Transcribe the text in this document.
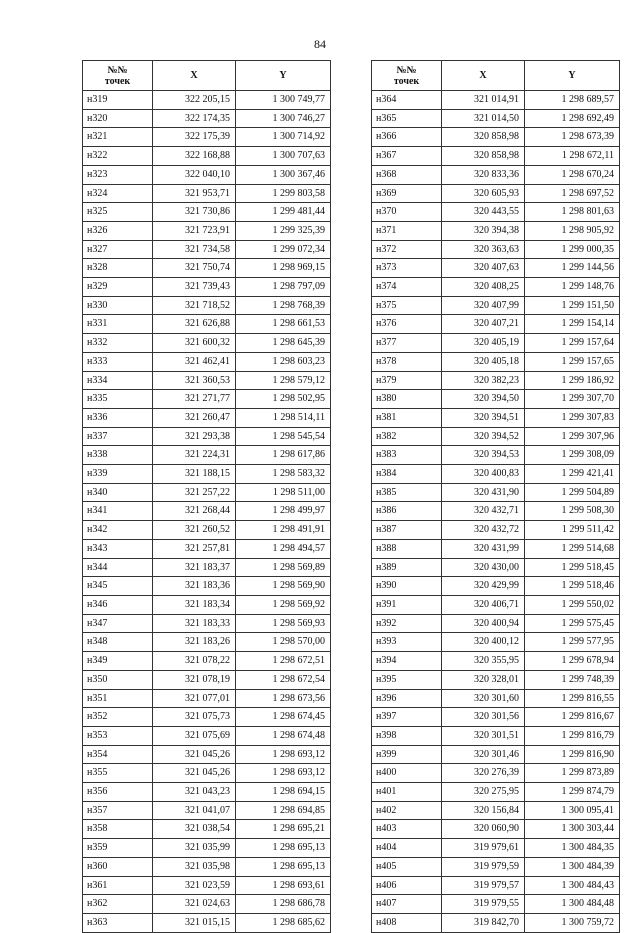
84
№№
точек	X	Y
н319	322 205,15	1 300 749,77
н320	322 174,35	1 300 746,27
н321	322 175,39	1 300 714,92
н322	322 168,88	1 300 707,63
н323	322 040,10	1 300 367,46
н324	321 953,71	1 299 803,58
н325	321 730,86	1 299 481,44
н326	321 723,91	1 299 325,39
н327	321 734,58	1 299 072,34
н328	321 750,74	1 298 969,15
н329	321 739,43	1 298 797,09
н330	321 718,52	1 298 768,39
н331	321 626,88	1 298 661,53
н332	321 600,32	1 298 645,39
н333	321 462,41	1 298 603,23
н334	321 360,53	1 298 579,12
н335	321 271,77	1 298 502,95
н336	321 260,47	1 298 514,11
н337	321 293,38	1 298 545,54
н338	321 224,31	1 298 617,86
н339	321 188,15	1 298 583,32
н340	321 257,22	1 298 511,00
н341	321 268,44	1 298 499,97
н342	321 260,52	1 298 491,91
н343	321 257,81	1 298 494,57
н344	321 183,37	1 298 569,89
н345	321 183,36	1 298 569,90
н346	321 183,34	1 298 569,92
н347	321 183,33	1 298 569,93
н348	321 183,26	1 298 570,00
н349	321 078,22	1 298 672,51
н350	321 078,19	1 298 672,54
н351	321 077,01	1 298 673,56
н352	321 075,73	1 298 674,45
н353	321 075,69	1 298 674,48
н354	321 045,26	1 298 693,12
н355	321 045,26	1 298 693,12
н356	321 043,23	1 298 694,15
н357	321 041,07	1 298 694,85
н358	321 038,54	1 298 695,21
н359	321 035,99	1 298 695,13
н360	321 035,98	1 298 695,13
н361	321 023,59	1 298 693,61
н362	321 024,63	1 298 686,78
н363	321 015,15	1 298 685,62
№№
точек	X	Y
н364	321 014,91	1 298 689,57
н365	321 014,50	1 298 692,49
н366	320 858,98	1 298 673,39
н367	320 858,98	1 298 672,11
н368	320 833,36	1 298 670,24
н369	320 605,93	1 298 697,52
н370	320 443,55	1 298 801,63
н371	320 394,38	1 298 905,92
н372	320 363,63	1 299 000,35
н373	320 407,63	1 299 144,56
н374	320 408,25	1 299 148,76
н375	320 407,99	1 299 151,50
н376	320 407,21	1 299 154,14
н377	320 405,19	1 299 157,64
н378	320 405,18	1 299 157,65
н379	320 382,23	1 299 186,92
н380	320 394,50	1 299 307,70
н381	320 394,51	1 299 307,83
н382	320 394,52	1 299 307,96
н383	320 394,53	1 299 308,09
н384	320 400,83	1 299 421,41
н385	320 431,90	1 299 504,89
н386	320 432,71	1 299 508,30
н387	320 432,72	1 299 511,42
н388	320 431,99	1 299 514,68
н389	320 430,00	1 299 518,45
н390	320 429,99	1 299 518,46
н391	320 406,71	1 299 550,02
н392	320 400,94	1 299 575,45
н393	320 400,12	1 299 577,95
н394	320 355,95	1 299 678,94
н395	320 328,01	1 299 748,39
н396	320 301,60	1 299 816,55
н397	320 301,56	1 299 816,67
н398	320 301,51	1 299 816,79
н399	320 301,46	1 299 816,90
н400	320 276,39	1 299 873,89
н401	320 275,95	1 299 874,79
н402	320 156,84	1 300 095,41
н403	320 060,90	1 300 303,44
н404	319 979,61	1 300 484,35
н405	319 979,59	1 300 484,39
н406	319 979,57	1 300 484,43
н407	319 979,55	1 300 484,48
н408	319 842,70	1 300 759,72
